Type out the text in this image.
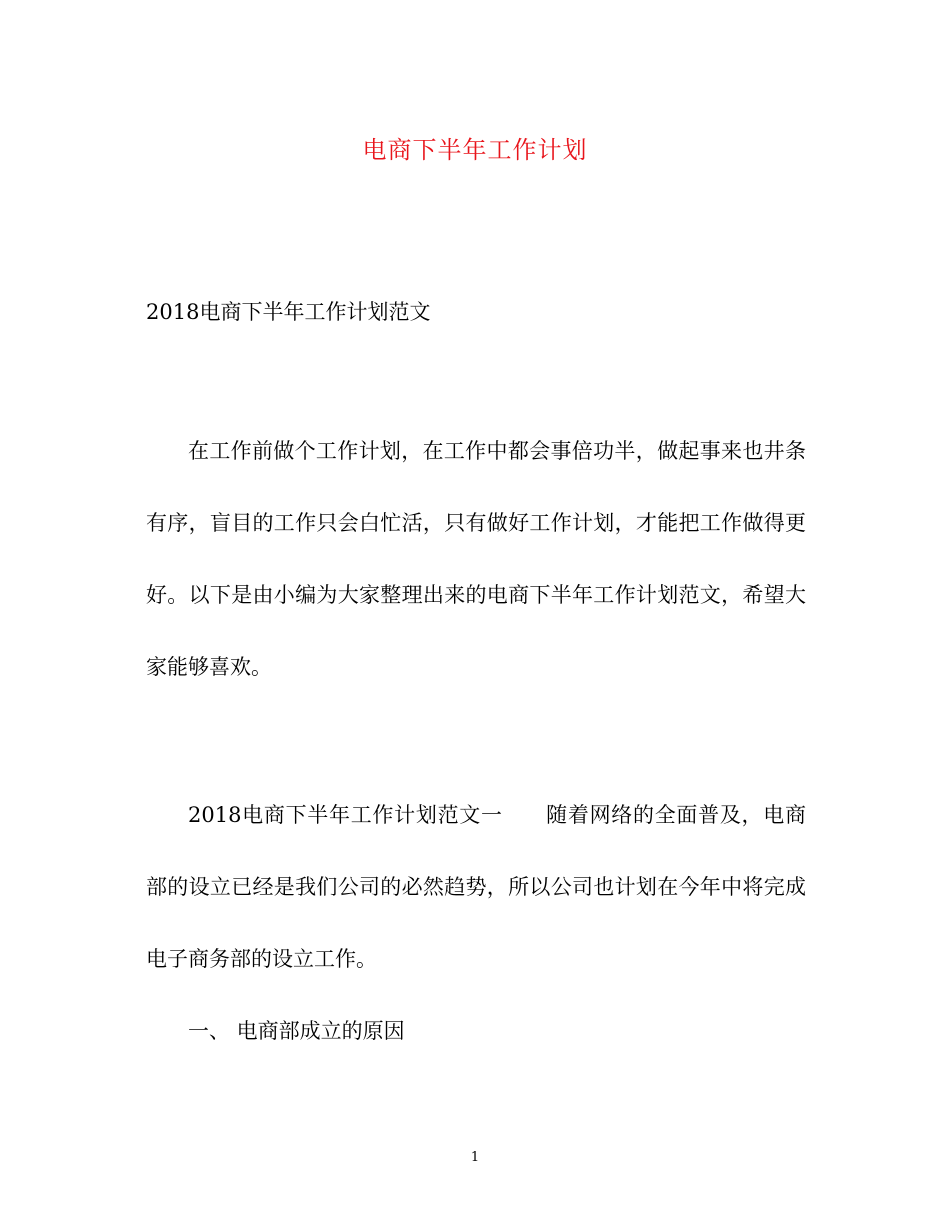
电商下半年工作计划
2018电商下半年工作计划范文

在工作前做个工作计划，在工作中都会事倍功半，做起事来也井条有序，盲目的工作只会白忙活，只有做好工作计划，才能把工作做得更好。以下是由小编为大家整理出来的电商下半年工作计划范文，希望大家能够喜欢。

2018电商下半年工作计划范文一　　随着网络的全面普及，电商部的设立已经是我们公司的必然趋势，所以公司也计划在今年中将完成电子商务部的设立工作。

一、 电商部成立的原因
1
